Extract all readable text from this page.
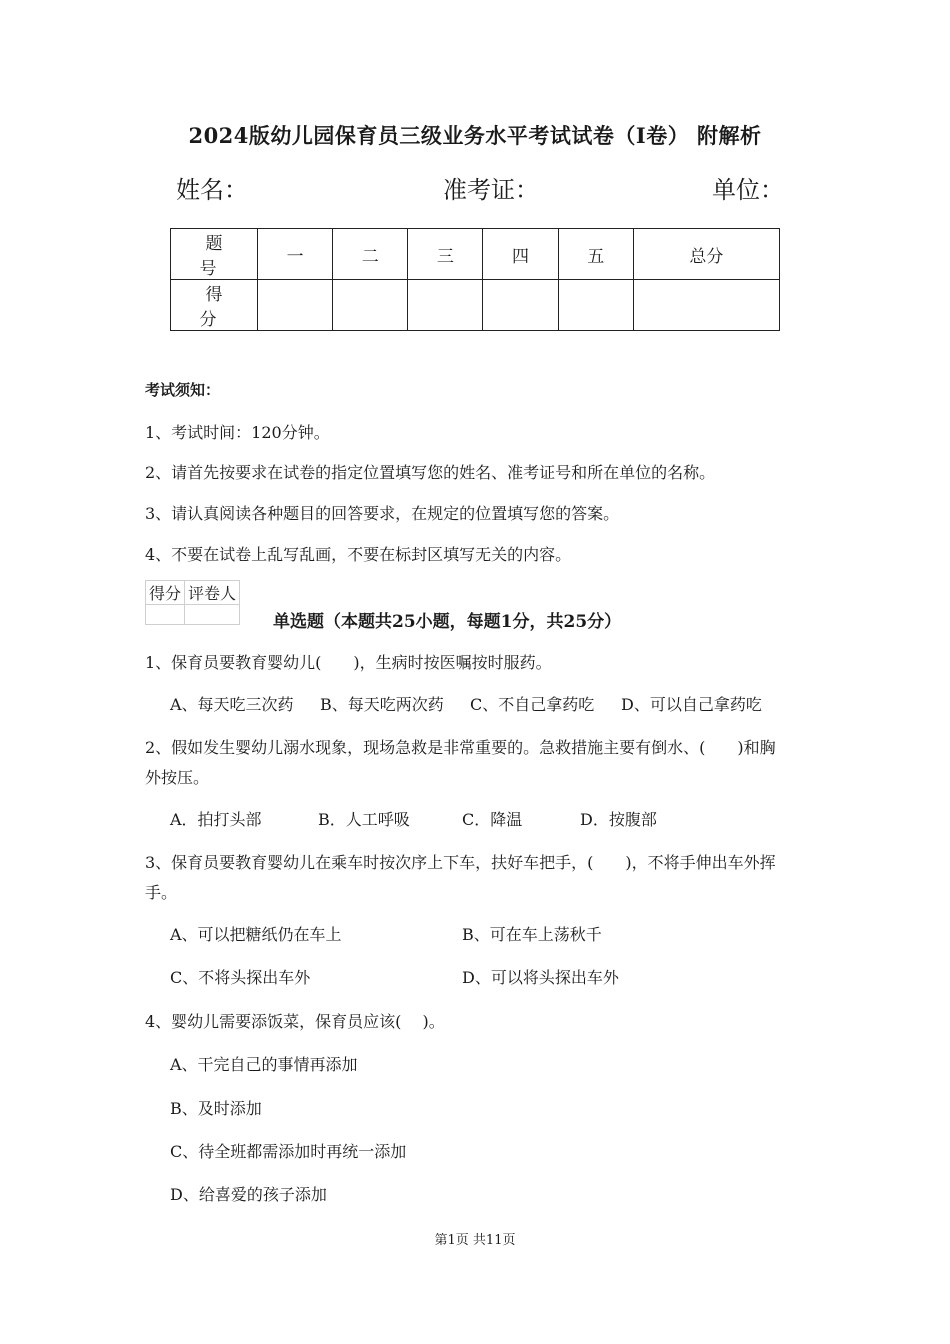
2024版幼儿园保育员三级业务水平考试试卷（I卷） 附解析
姓名：	准考证：	单位：
题　号	一	二	三	四	五	总分
得　分						
考试须知：
1、考试时间：120分钟。
2、请首先按要求在试卷的指定位置填写您的姓名、准考证号和所在单位的名称。
3、请认真阅读各种题目的回答要求，在规定的位置填写您的答案。
4、不要在试卷上乱写乱画，不要在标封区填写无关的内容。
得分	评卷人

单选题（本题共25小题，每题1分，共25分）
1、保育员要教育婴幼儿(　　)，生病时按医嘱按时服药。
A、每天吃三次药 B、每天吃两次药 C、不自己拿药吃 D、可以自己拿药吃
2、假如发生婴幼儿溺水现象，现场急救是非常重要的。急救措施主要有倒水、(　　)和胸
外按压。
A．拍打头部	B．人工呼吸	C．降温	D．按腹部
3、保育员要教育婴幼儿在乘车时按次序上下车，扶好车把手，(　　)，不将手伸出车外挥
手。
A、可以把糖纸仍在车上	B、可在车上荡秋千
C、不将头探出车外	D、可以将头探出车外
4、婴幼儿需要添饭菜，保育员应该(　 )。
A、干完自己的事情再添加
B、及时添加
C、待全班都需添加时再统一添加
D、给喜爱的孩子添加
第1页 共11页
